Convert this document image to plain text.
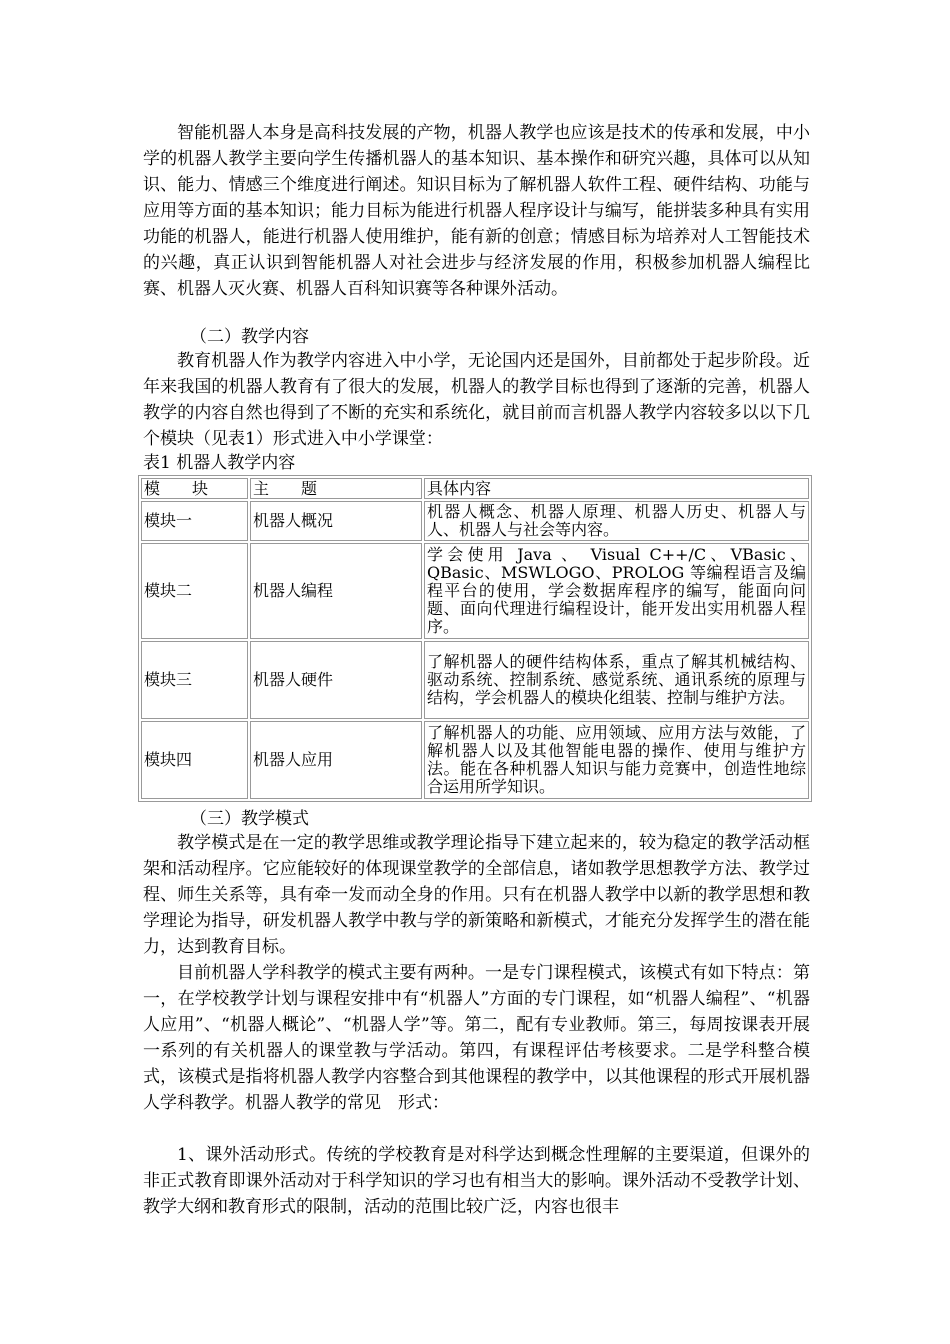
智能机器人本身是高科技发展的产物，机器人教学也应该是技术的传承和发展，中小学的机器人教学主要向学生传播机器人的基本知识、基本操作和研究兴趣，具体可以从知识、能力、情感三个维度进行阐述。知识目标为了解机器人软件工程、硬件结构、功能与应用等方面的基本知识；能力目标为能进行机器人程序设计与编写，能拼装多种具有实用功能的机器人，能进行机器人使用维护，能有新的创意；情感目标为培养对人工智能技术的兴趣，真正认识到智能机器人对社会进步与经济发展的作用，积极参加机器人编程比赛、机器人灭火赛、机器人百科知识赛等各种课外活动。

（二）教学内容

教育机器人作为教学内容进入中小学，无论国内还是国外，目前都处于起步阶段。近年来我国的机器人教育有了很大的发展，机器人的教学目标也得到了逐渐的完善，机器人教学的内容自然也得到了不断的充实和系统化，就目前而言机器人教学内容较多以以下几个模块（见表1）形式进入中小学课堂：

表1 机器人教学内容

模　　块	主　　题	具体内容
模块一	机器人概况	机器人概念、机器人原理、机器人历史、机器人与人、机器人与社会等内容。
模块二	机器人编程	学会使用 Java 、 Visual C++/C、VBasic、QBasic、MSWLOGO、PROLOG 等编程语言及编程平台的使用，学会数据库程序的编写，能面向问题、面向代理进行编程设计，能开发出实用机器人程序。
模块三	机器人硬件	了解机器人的硬件结构体系，重点了解其机械结构、驱动系统、控制系统、感觉系统、通讯系统的原理与结构，学会机器人的模块化组装、控制与维护方法。
模块四	机器人应用	了解机器人的功能、应用领域、应用方法与效能，了解机器人以及其他智能电器的操作、使用与维护方法。能在各种机器人知识与能力竞赛中，创造性地综合运用所学知识。

（三）教学模式

教学模式是在一定的教学思维或教学理论指导下建立起来的，较为稳定的教学活动框架和活动程序。它应能较好的体现课堂教学的全部信息，诸如教学思想教学方法、教学过程、师生关系等，具有牵一发而动全身的作用。只有在机器人教学中以新的教学思想和教学理论为指导，研发机器人教学中教与学的新策略和新模式，才能充分发挥学生的潜在能力，达到教育目标。

目前机器人学科教学的模式主要有两种。一是专门课程模式，该模式有如下特点：第一，在学校教学计划与课程安排中有“机器人”方面的专门课程，如“机器人编程”、“机器人应用”、“机器人概论”、“机器人学”等。第二，配有专业教师。第三，每周按课表开展一系列的有关机器人的课堂教与学活动。第四，有课程评估考核要求。二是学科整合模式，该模式是指将机器人教学内容整合到其他课程的教学中，以其他课程的形式开展机器人学科教学。机器人教学的常见　形式：

1、课外活动形式。传统的学校教育是对科学达到概念性理解的主要渠道，但课外的非正式教育即课外活动对于科学知识的学习也有相当大的影响。课外活动不受教学计划、教学大纲和教育形式的限制，活动的范围比较广泛，内容也很丰
